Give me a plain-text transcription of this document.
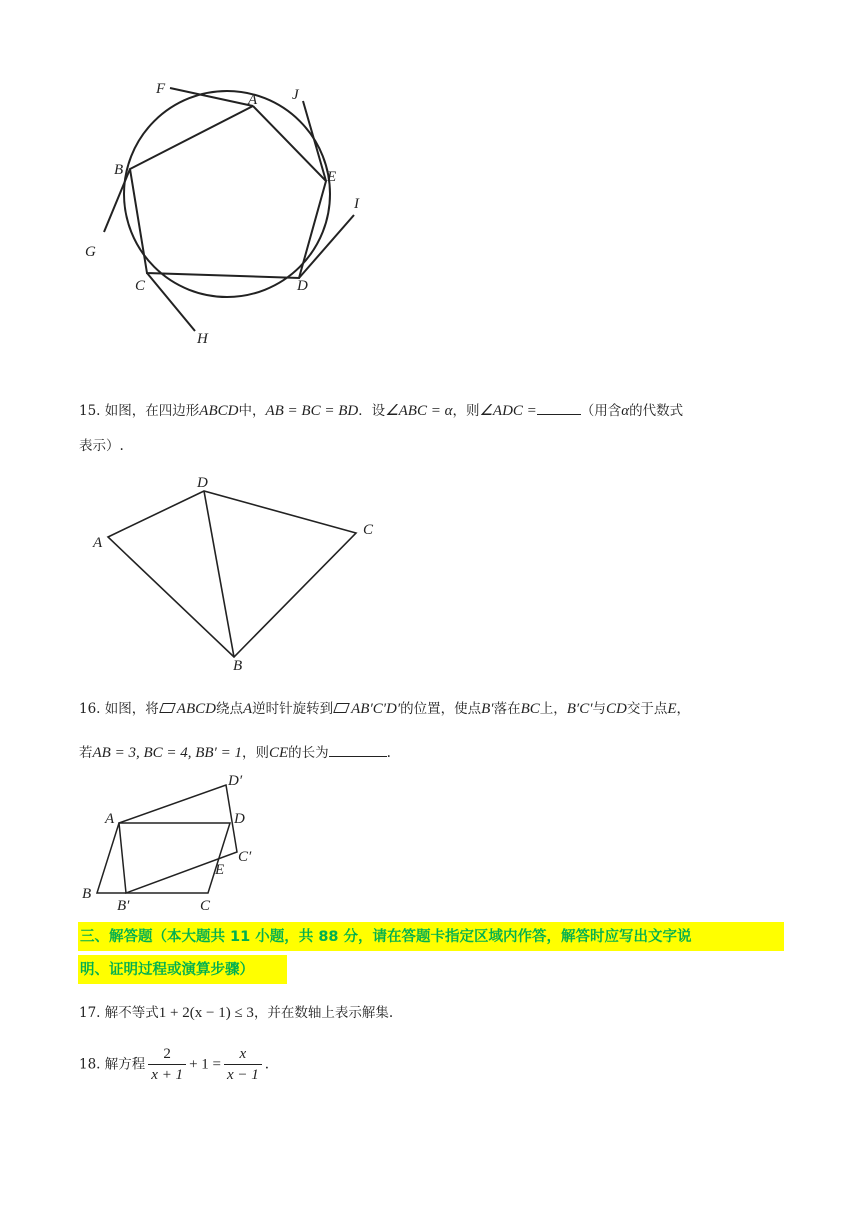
F
A J
B	E
I
G
C	D
H
15. 如图，在四边形ABCD中，AB = BC = BD．设∠ABC = α，则∠ADC =	（用含α的代数式
表示）.
D
A
C
B
16. 如图，将 ABCD绕点A逆时针旋转到 AB′C′D′的位置，使点B′落在BC上，B′C′与CD交于点E，
若AB = 3, BC = 4, BB′ = 1，则CE的长为	.
D′
A	D
C′
E
B
B′	C
三、解答题（本大题共 11 小题，共 88 分，请在答题卡指定区域内作答，解答时应写出文字说
明、证明过程或演算步骤）
17. 解不等式1 + 2(x − 1) ≤ 3，并在数轴上表示解集.
18. 解方程 $\frac{2}{x + 1} + 1 = \frac{x}{x - 1}$ .
